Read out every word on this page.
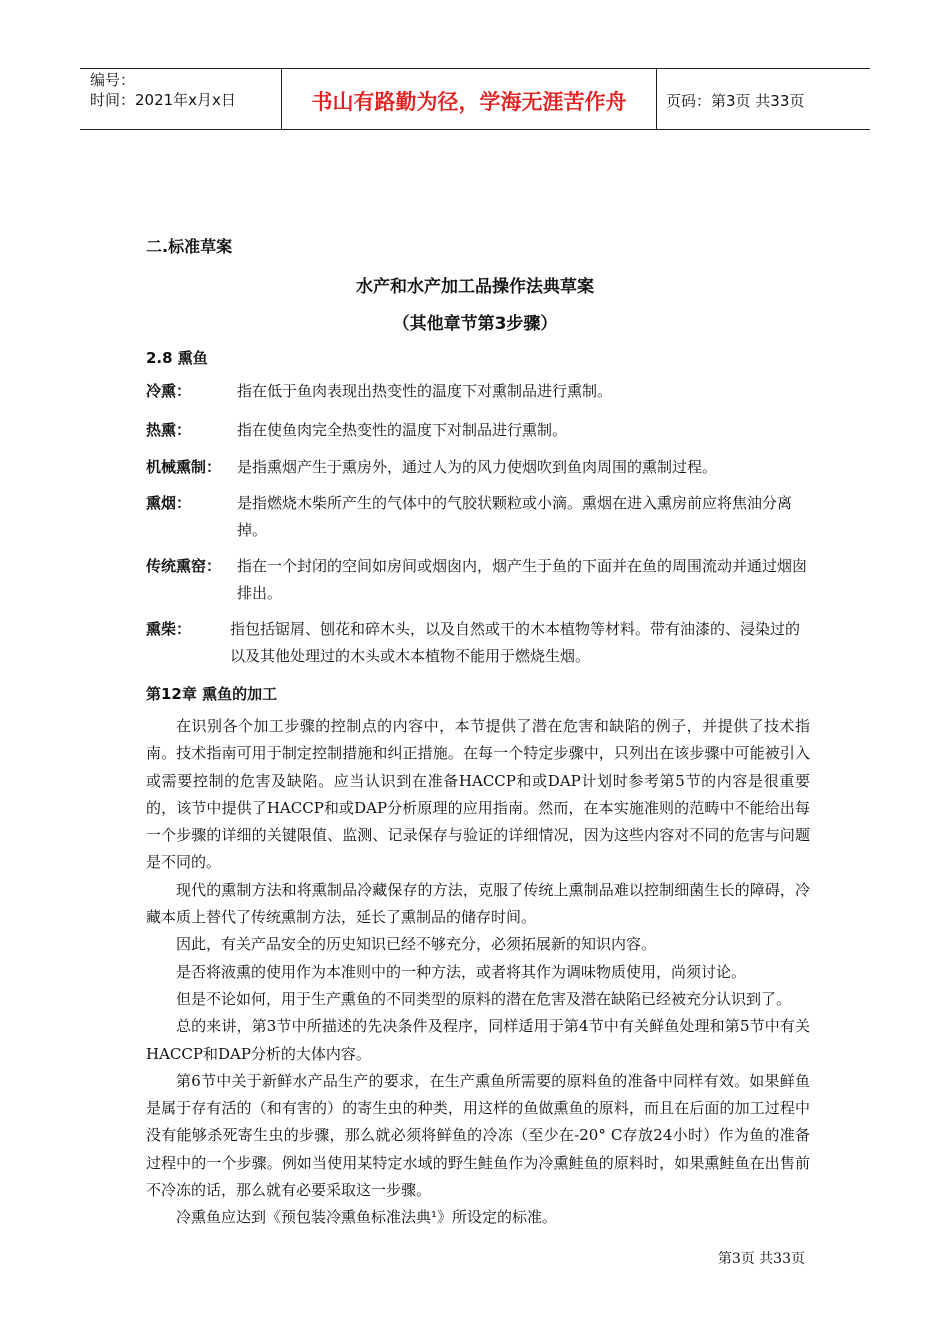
编号：
时间：2021年x月x日	书山有路勤为径，学海无涯苦作舟	页码：第3页 共33页
二.标准草案
水产和水产加工品操作法典草案
（其他章节第3步骤）
2.8 熏鱼
冷熏：	指在低于鱼肉表现出热变性的温度下对熏制品进行熏制。
热熏：	指在使鱼肉完全热变性的温度下对制品进行熏制。
机械熏制： 是指熏烟产生于熏房外，通过人为的风力使烟吹到鱼肉周围的熏制过程。
熏烟：	是指燃烧木柴所产生的气体中的气胶状颗粒或小滴。熏烟在进入熏房前应将焦油分离掉。
传统熏窑： 指在一个封闭的空间如房间或烟囱内，烟产生于鱼的下面并在鱼的周围流动并通过烟囱排出。
熏柴：	指包括锯屑、刨花和碎木头，以及自然或干的木本植物等材料。带有油漆的、浸染过的以及其他处理过的木头或木本植物不能用于燃烧生烟。
第12章 熏鱼的加工

在识别各个加工步骤的控制点的内容中，本节提供了潜在危害和缺陷的例子，并提供了技术指南。技术指南可用于制定控制措施和纠正措施。在每一个特定步骤中，只列出在该步骤中可能被引入或需要控制的危害及缺陷。应当认识到在准备HACCP和或DAP计划时参考第5节的内容是很重要的，该节中提供了HACCP和或DAP分析原理的应用指南。然而，在本实施准则的范畴中不能给出每一个步骤的详细的关键限值、监测、记录保存与验证的详细情况，因为这些内容对不同的危害与问题是不同的。

现代的熏制方法和将熏制品冷藏保存的方法，克服了传统上熏制品难以控制细菌生长的障碍，冷藏本质上替代了传统熏制方法，延长了熏制品的储存时间。

因此，有关产品安全的历史知识已经不够充分，必须拓展新的知识内容。

是否将液熏的使用作为本准则中的一种方法，或者将其作为调味物质使用，尚须讨论。

但是不论如何，用于生产熏鱼的不同类型的原料的潜在危害及潜在缺陷已经被充分认识到了。

总的来讲，第3节中所描述的先决条件及程序，同样适用于第4节中有关鲜鱼处理和第5节中有关HACCP和DAP分析的大体内容。

第6节中关于新鲜水产品生产的要求，在生产熏鱼所需要的原料鱼的准备中同样有效。如果鲜鱼是属于存有活的（和有害的）的寄生虫的种类，用这样的鱼做熏鱼的原料，而且在后面的加工过程中没有能够杀死寄生虫的步骤，那么就必须将鲜鱼的冷冻（至少在-20° C存放24小时）作为鱼的准备过程中的一个步骤。例如当使用某特定水域的野生鲑鱼作为冷熏鲑鱼的原料时，如果熏鲑鱼在出售前不冷冻的话，那么就有必要采取这一步骤。

冷熏鱼应达到《预包装冷熏鱼标准法典¹》所设定的标准。

第3页 共33页
